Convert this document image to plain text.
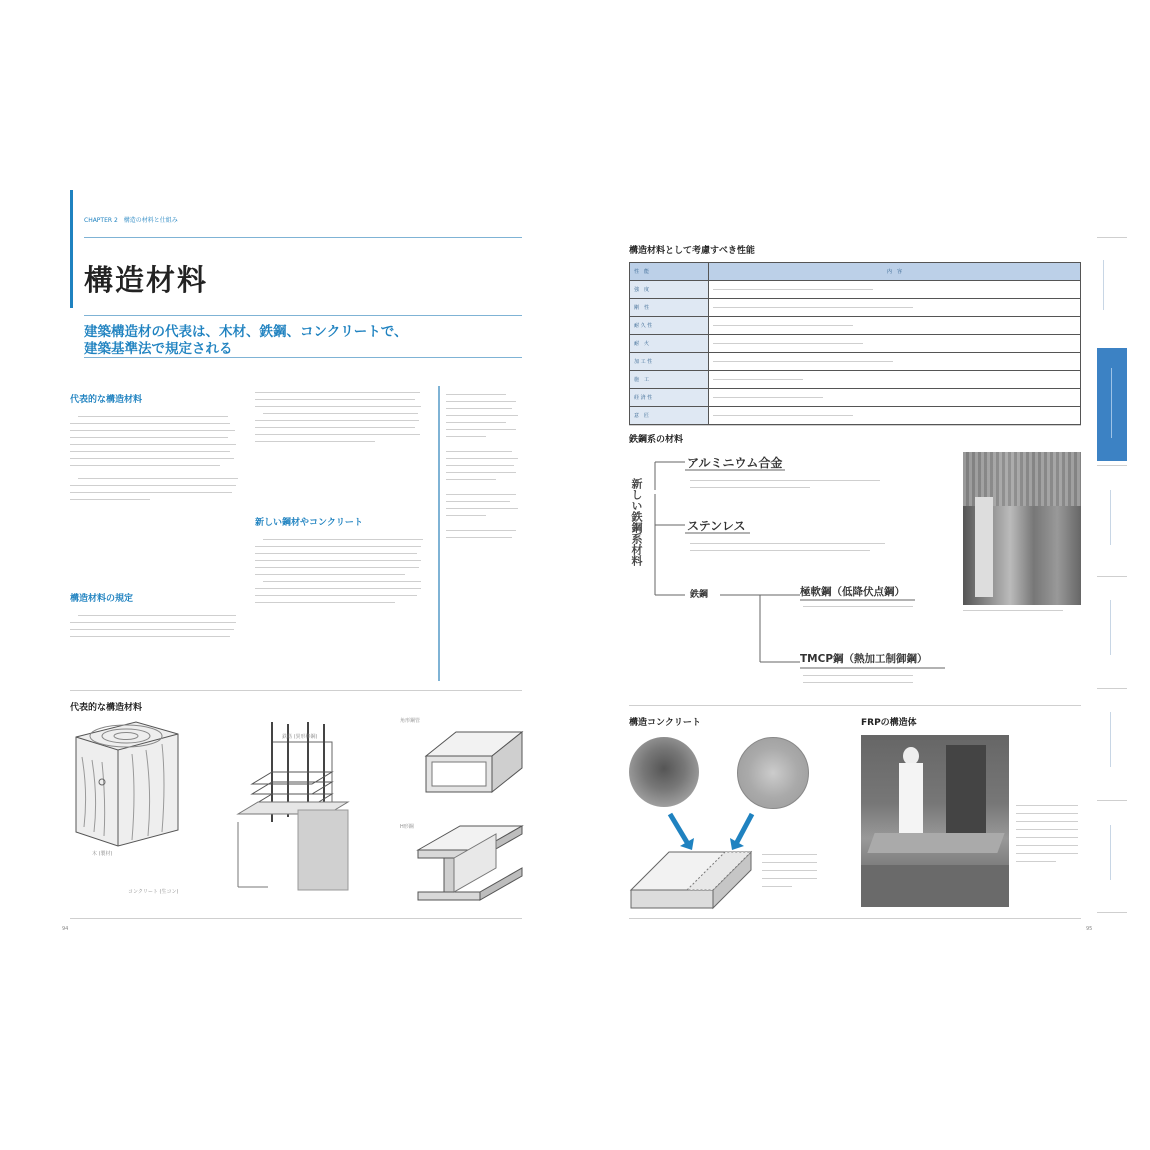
CHAPTER 2　構造の材料と仕組み
構造材料
建築構造材の代表は、木材、鉄鋼、コンクリートで、
建築基準法で規定される
代表的な構造材料
構造材料の規定
新しい鋼材やコンクリート
代表的な構造材料
木 (製材)
鉄筋 (異形棒鋼)
コンクリート (生コン)
角形鋼管
H形鋼
94
構造材料として考慮すべき性能
性　能	内　容
強　度	
剛　性	
耐 久 性	
耐　火	
加 工 性	
施　工	
経 済 性	
意　匠	
鉄鋼系の材料
新しい鉄鋼系材料
アルミニウム合金
ステンレス
鉄鋼	極軟鋼（低降伏点鋼）
TMCP鋼（熱加工制御鋼）
構造コンクリート	FRPの構造体
95
